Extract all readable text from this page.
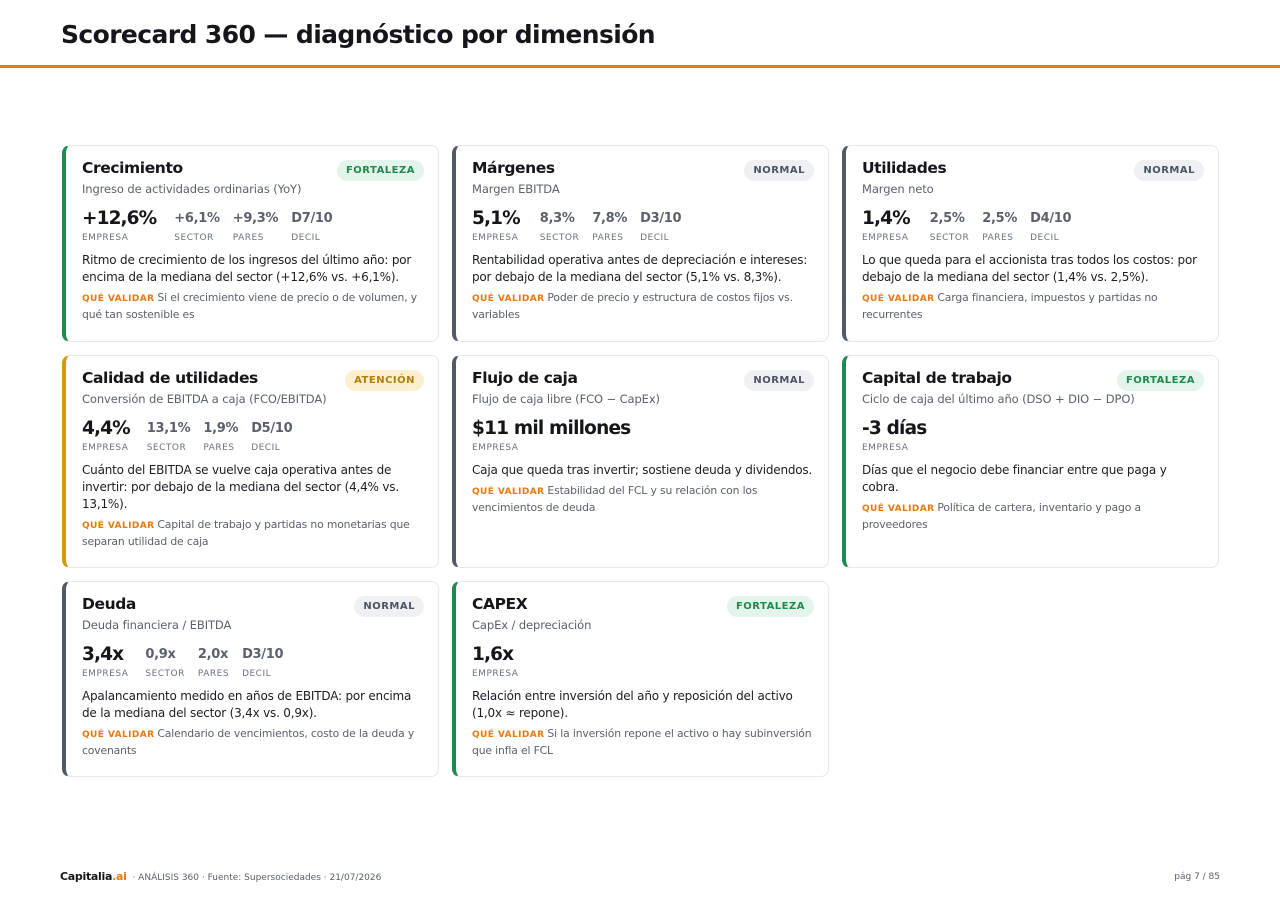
Scorecard 360 — diagnóstico por dimensión
Crecimiento	FORTALEZA
Ingreso de actividades ordinarias (YoY)
+12,6%
EMPRESA
+6,1%
SECTOR
+9,3%
PARES
D7/10
DECIL

Ritmo de crecimiento de los ingresos del último año: por encima de la mediana del sector (+12,6% vs. +6,1%).

QUÉ VALIDAR Si el crecimiento viene de precio o de volumen, y qué tan sostenible es

Márgenes	NORMAL
Margen EBITDA
5,1%
EMPRESA
8,3%
SECTOR
7,8%
PARES
D3/10
DECIL

Rentabilidad operativa antes de depreciación e intereses: por debajo de la mediana del sector (5,1% vs. 8,3%).

QUÉ VALIDAR Poder de precio y estructura de costos fijos vs. variables

Utilidades	NORMAL
Margen neto
1,4%
EMPRESA
2,5%
SECTOR
2,5%
PARES
D4/10
DECIL

Lo que queda para el accionista tras todos los costos: por debajo de la mediana del sector (1,4% vs. 2,5%).

QUÉ VALIDAR Carga financiera, impuestos y partidas no recurrentes

Calidad de utilidades	ATENCIÓN
Conversión de EBITDA a caja (FCO/EBITDA)
4,4%
EMPRESA
13,1%
SECTOR
1,9%
PARES
D5/10
DECIL

Cuánto del EBITDA se vuelve caja operativa antes de invertir: por debajo de la mediana del sector (4,4% vs. 13,1%).

QUÉ VALIDAR Capital de trabajo y partidas no monetarias que separan utilidad de caja

Flujo de caja	NORMAL
Flujo de caja libre (FCO − CapEx)
$11 mil millones
EMPRESA

Caja que queda tras invertir; sostiene deuda y dividendos.

QUÉ VALIDAR Estabilidad del FCL y su relación con los vencimientos de deuda

Capital de trabajo	FORTALEZA
Ciclo de caja del último año (DSO + DIO − DPO)
-3 días
EMPRESA

Días que el negocio debe financiar entre que paga y cobra.

QUÉ VALIDAR Política de cartera, inventario y pago a proveedores

Deuda	NORMAL
Deuda financiera / EBITDA
3,4x
EMPRESA
0,9x
SECTOR
2,0x
PARES
D3/10
DECIL

Apalancamiento medido en años de EBITDA: por encima de la mediana del sector (3,4x vs. 0,9x).

QUÉ VALIDAR Calendario de vencimientos, costo de la deuda y covenants

CAPEX	FORTALEZA
CapEx / depreciación
1,6x
EMPRESA

Relación entre inversión del año y reposición del activo (1,0x ≈ repone).

QUÉ VALIDAR Si la inversión repone el activo o hay subinversión que infla el FCL

Capitalia.ai · ANÁLISIS 360 · Fuente: Supersociedades · 21/07/2026	pág 7 / 85
